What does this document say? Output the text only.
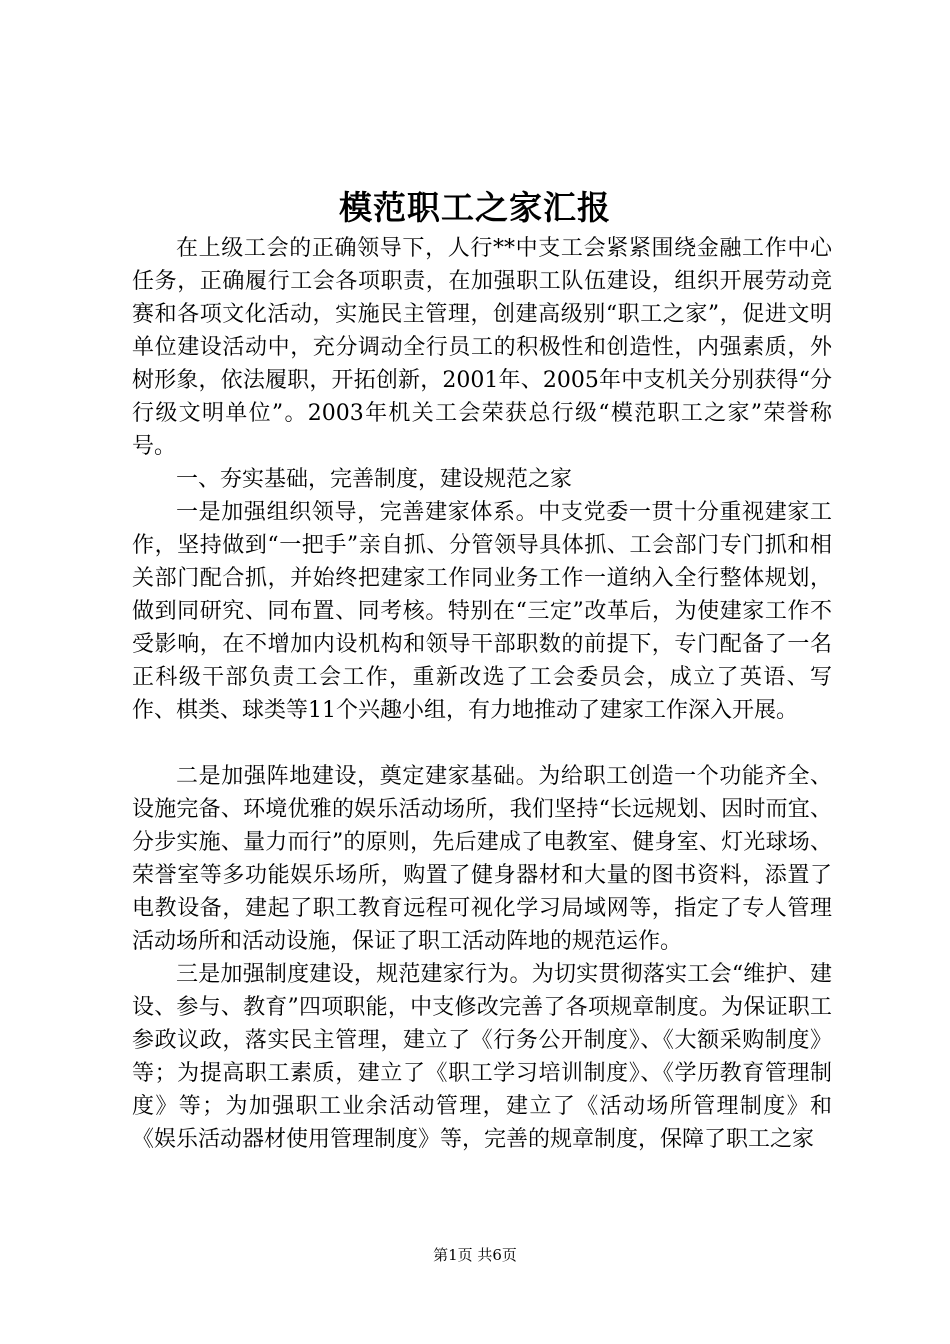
模范职工之家汇报

在上级工会的正确领导下，人行**中支工会紧紧围绕金融工作中心任务，正确履行工会各项职责，在加强职工队伍建设，组织开展劳动竞赛和各项文化活动，实施民主管理，创建高级别“职工之家”，促进文明单位建设活动中，充分调动全行员工的积极性和创造性，内强素质，外树形象，依法履职，开拓创新，2001年、2005年中支机关分别获得“分行级文明单位”。2003年机关工会荣获总行级“模范职工之家”荣誉称号。

一、夯实基础，完善制度，建设规范之家

一是加强组织领导，完善建家体系。中支党委一贯十分重视建家工作，坚持做到“一把手”亲自抓、分管领导具体抓、工会部门专门抓和相关部门配合抓，并始终把建家工作同业务工作一道纳入全行整体规划，做到同研究、同布置、同考核。特别在“三定”改革后，为使建家工作不受影响，在不增加内设机构和领导干部职数的前提下，专门配备了一名正科级干部负责工会工作，重新改选了工会委员会，成立了英语、写作、棋类、球类等11个兴趣小组，有力地推动了建家工作深入开展。

二是加强阵地建设，奠定建家基础。为给职工创造一个功能齐全、设施完备、环境优雅的娱乐活动场所，我们坚持“长远规划、因时而宜、分步实施、量力而行”的原则，先后建成了电教室、健身室、灯光球场、荣誉室等多功能娱乐场所，购置了健身器材和大量的图书资料，添置了电教设备，建起了职工教育远程可视化学习局域网等，指定了专人管理活动场所和活动设施，保证了职工活动阵地的规范运作。

三是加强制度建设，规范建家行为。为切实贯彻落实工会“维护、建设、参与、教育”四项职能，中支修改完善了各项规章制度。为保证职工参政议政，落实民主管理，建立了《行务公开制度》、《大额采购制度》等；为提高职工素质，建立了《职工学习培训制度》、《学历教育管理制度》等；为加强职工业余活动管理，建立了《活动场所管理制度》和《娱乐活动器材使用管理制度》等，完善的规章制度，保障了职工之家

第1页 共6页
